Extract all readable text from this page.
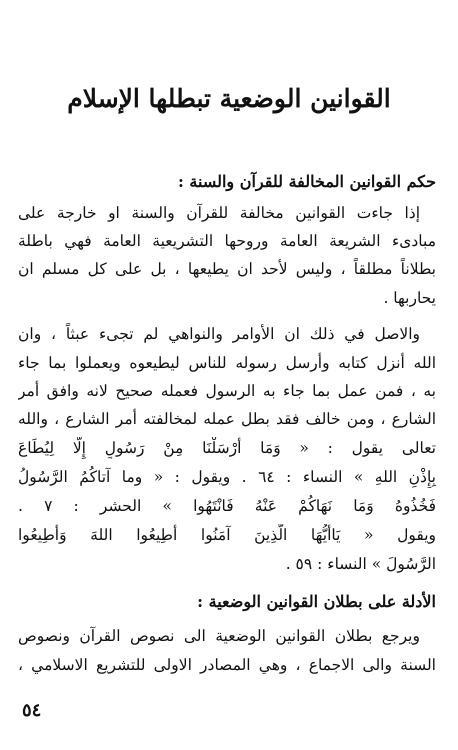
القوانين الوضعية تبطلها الإسلام
حكم القوانين المخالفة للقرآن والسنة :
إذا جاءت القوانين مخالفة للقرآن والسنة او خارجة على
مبادىء الشريعة العامة وروحها التشريعية العامة فهي باطلة
بطلاناً مطلقاً ، وليس لأحد ان يطيعها ، بل على كل مسلم ان
يحاربها .
والاصل في ذلك ان الأوامر والنواهي لم تجىء عبثاً ، وان
الله أنزل كتابه وأرسل رسوله للناس ليطيعوه ويعملوا بما جاء
به ، فمن عمل بما جاء به الرسول فعمله صحيح لانه وافق أمر
الشارع ، ومن خالف فقد بطل عمله لمخالفته أمر الشارع ، والله
تعالى يقول : « وَمَا أَرْسَلْنَا مِنْ رَسُولٍ إِلَّا لِيُطَاعَ
بِإِذْنِ اللهِ » النساء : ٦٤ . ويقول : « وما آتاكُمُ الرَّسُولُ
فَخُذُوهُ وَمَا نَهَاكُمْ عَنْهُ فَانْتَهُوا » الحشر : ٧ .
ويقول « يَاأَيُّهَا الَّذِينَ آمَنُوا أَطِيعُوا اللهَ وَأَطِيعُوا
الرَّسُولَ » النساء : ٥٩ .
الأدلة على بطلان القوانين الوضعية :
ويرجع بطلان القوانين الوضعية الى نصوص القرآن ونصوص
السنة والى الاجماع ، وهي المصادر الاولى للتشريع الاسلامي ،
٥٤
